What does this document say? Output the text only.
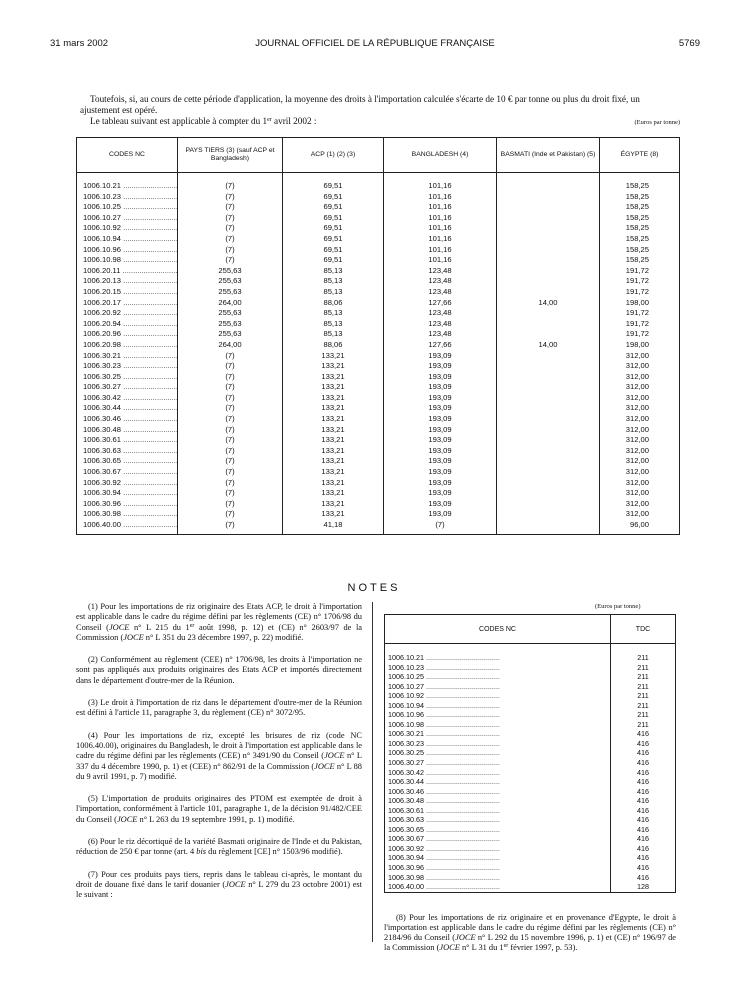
31 mars 2002	JOURNAL OFFICIEL DE LA RÉPUBLIQUE FRANÇAISE	5769

Toutefois, si, au cours de cette période d'application, la moyenne des droits à l'importation calculée s'écarte de 10 € par tonne ou plus du droit fixé, un ajustement est opéré.

Le tableau suivant est applicable à compter du 1er avril 2002 :	(Euros par tonne)

CODES NC	PAYS TIERS (3) (sauf ACP et Bangladesh)	ACP (1) (2) (3)	BANGLADESH (4)	BASMATI (Inde et Pakistan) (5)	ÉGYPTE (8)

1006.10.21 .....	(7)	69,51	101,16		158,25
1006.10.23 .....	(7)	69,51	101,16		158,25
1006.10.25 .....	(7)	69,51	101,16		158,25
1006.10.27 .....	(7)	69,51	101,16		158,25
1006.10.92 .....	(7)	69,51	101,16		158,25
1006.10.94 .....	(7)	69,51	101,16		158,25
1006.10.96 .....	(7)	69,51	101,16		158,25
1006.10.98 .....	(7)	69,51	101,16		158,25
1006.20.11 .....	255,63	85,13	123,48		191,72
1006.20.13 .....	255,63	85,13	123,48		191,72
1006.20.15 .....	255,63	85,13	123,48		191,72
1006.20.17 .....	264,00	88,06	127,66	14,00	198,00
1006.20.92 .....	255,63	85,13	123,48		191,72
1006.20.94 .....	255,63	85,13	123,48		191,72
1006.20.96 .....	255,63	85,13	123,48		191,72
1006.20.98 .....	264,00	88,06	127,66	14,00	198,00
1006.30.21 .....	(7)	133,21	193,09		312,00
1006.30.23 .....	(7)	133,21	193,09		312,00
1006.30.25 .....	(7)	133,21	193,09		312,00
1006.30.27 .....	(7)	133,21	193,09		312,00
1006.30.42 .....	(7)	133,21	193,09		312,00
1006.30.44 .....	(7)	133,21	193,09		312,00
1006.30.46 .....	(7)	133,21	193,09		312,00
1006.30.48 .....	(7)	133,21	193,09		312,00
1006.30.61 .....	(7)	133,21	193,09		312,00
1006.30.63 .....	(7)	133,21	193,09		312,00
1006.30.65 .....	(7)	133,21	193,09		312,00
1006.30.67 .....	(7)	133,21	193,09		312,00
1006.30.92 .....	(7)	133,21	193,09		312,00
1006.30.94 .....	(7)	133,21	193,09		312,00
1006.30.96 .....	(7)	133,21	193,09		312,00
1006.30.98 .....	(7)	133,21	193,09		312,00
1006.40.00 .....	(7)	41,18	(7)		96,00
NOTES

(1) Pour les importations de riz originaire des Etats ACP, le droit à l'importation est applicable dans le cadre du régime défini par les règlements (CE) n° 1706/98 du Conseil (JOCE n° L 215 du 1er août 1998, p. 12) et (CE) n° 2603/97 de la Commission (JOCE n° L 351 du 23 décembre 1997, p. 22) modifié.

(2) Conformément au règlement (CEE) n° 1706/98, les droits à l'importation ne sont pas appliqués aux produits originaires des Etats ACP et importés directement dans le département d'outre-mer de la Réunion.

(3) Le droit à l'importation de riz dans le département d'outre-mer de la Réunion est défini à l'article 11, paragraphe 3, du règlement (CE) n° 3072/95.

(4) Pour les importations de riz, excepté les brisures de riz (code NC 1006.40.00), originaires du Bangladesh, le droit à l'importation est applicable dans le cadre du régime défini par les règlements (CEE) n° 3491/90 du Conseil (JOCE n° L 337 du 4 décembre 1990, p. 1) et (CEE) n° 862/91 de la Commission (JOCE n° L 88 du 9 avril 1991, p. 7) modifié.

(5) L'importation de produits originaires des PTOM est exemptée de droit à l'importation, conformément à l'article 101, paragraphe 1, de la décision 91/482/CEE du Conseil (JOCE n° L 263 du 19 septembre 1991, p. 1) modifié.

(6) Pour le riz décortiqué de la variété Basmati originaire de l'Inde et du Pakistan, réduction de 250 € par tonne (art. 4 bis du règlement [CE] n° 1503/96 modifié).

(7) Pour ces produits pays tiers, repris dans le tableau ci-après, le montant du droit de douane fixé dans le tarif douanier (JOCE n° L 279 du 23 octobre 2001) est le suivant :

(Euros par tonne)
CODES NC	TDC

1006.10.21 .....	211
1006.10.23 .....	211
1006.10.25 .....	211
1006.10.27 .....	211
1006.10.92 .....	211
1006.10.94 .....	211
1006.10.96 .....	211
1006.10.98 .....	211
1006.30.21 .....	416
1006.30.23 .....	416
1006.30.25 .....	416
1006.30.27 .....	416
1006.30.42 .....	416
1006.30.44 .....	416
1006.30.46 .....	416
1006.30.48 .....	416
1006.30.61 .....	416
1006.30.63 .....	416
1006.30.65 .....	416
1006.30.67 .....	416
1006.30.92 .....	416
1006.30.94 .....	416
1006.30.96 .....	416
1006.30.98 .....	416
1006.40.00 .....	128

(8) Pour les importations de riz originaire et en provenance d'Egypte, le droit à l'importation est applicable dans le cadre du régime défini par les règlements (CE) n° 2184/96 du Conseil (JOCE n° L 292 du 15 novembre 1996, p. 1) et (CE) n° 196/97 de la Commission (JOCE n° L 31 du 1er février 1997, p. 53).
